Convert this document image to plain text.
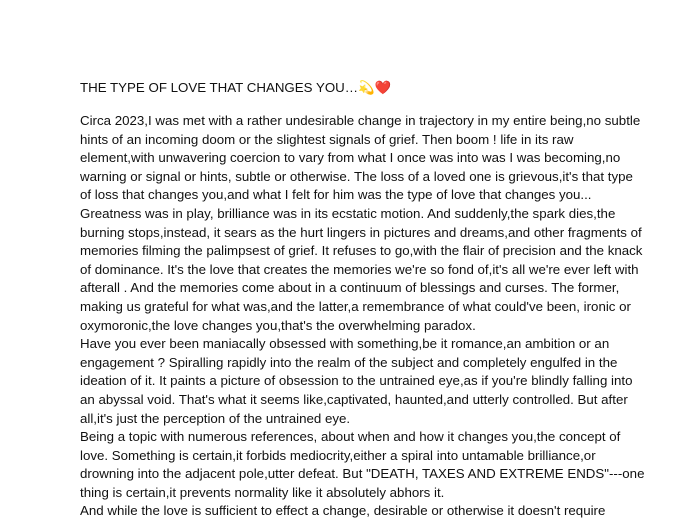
THE TYPE OF LOVE THAT CHANGES YOU…💫❤️
Circa 2023,I was met with a rather undesirable change in trajectory in my entire being,no subtle
hints of an incoming doom or the slightest signals of grief. Then boom ! life in its raw
element,with unwavering coercion to vary from what I once was into was I was becoming,no
warning or signal or hints, subtle or otherwise. The loss of a loved one is grievous,it's that type
of loss that changes you,and what I felt for him was the type of love that changes you...
Greatness was in play, brilliance was in its ecstatic motion. And suddenly,the spark dies,the
burning stops,instead, it sears as the hurt lingers in pictures and dreams,and other fragments of
memories filming the palimpsest of grief. It refuses to go,with the flair of precision and the knack
of dominance. It's the love that creates the memories we're so fond of,it's all we're ever left with
afterall . And the memories come about in a continuum of blessings and curses. The former,
making us grateful for what was,and the latter,a remembrance of what could've been, ironic or
oxymoronic,the love changes you,that's the overwhelming paradox.
Have you ever been maniacally obsessed with something,be it romance,an ambition or an
engagement ? Spiralling rapidly into the realm of the subject and completely engulfed in the
ideation of it. It paints a picture of obsession to the untrained eye,as if you're blindly falling into
an abyssal void. That's what it seems like,captivated, haunted,and utterly controlled. But after
all,it's just the perception of the untrained eye.
Being a topic with numerous references, about when and how it changes you,the concept of
love. Something is certain,it forbids mediocrity,either a spiral into untamable brilliance,or
drowning into the adjacent pole,utter defeat. But "DEATH, TAXES AND EXTREME ENDS"---one
thing is certain,it prevents normality like it absolutely abhors it.
And while the love is sufficient to effect a change, desirable or otherwise it doesn't require
